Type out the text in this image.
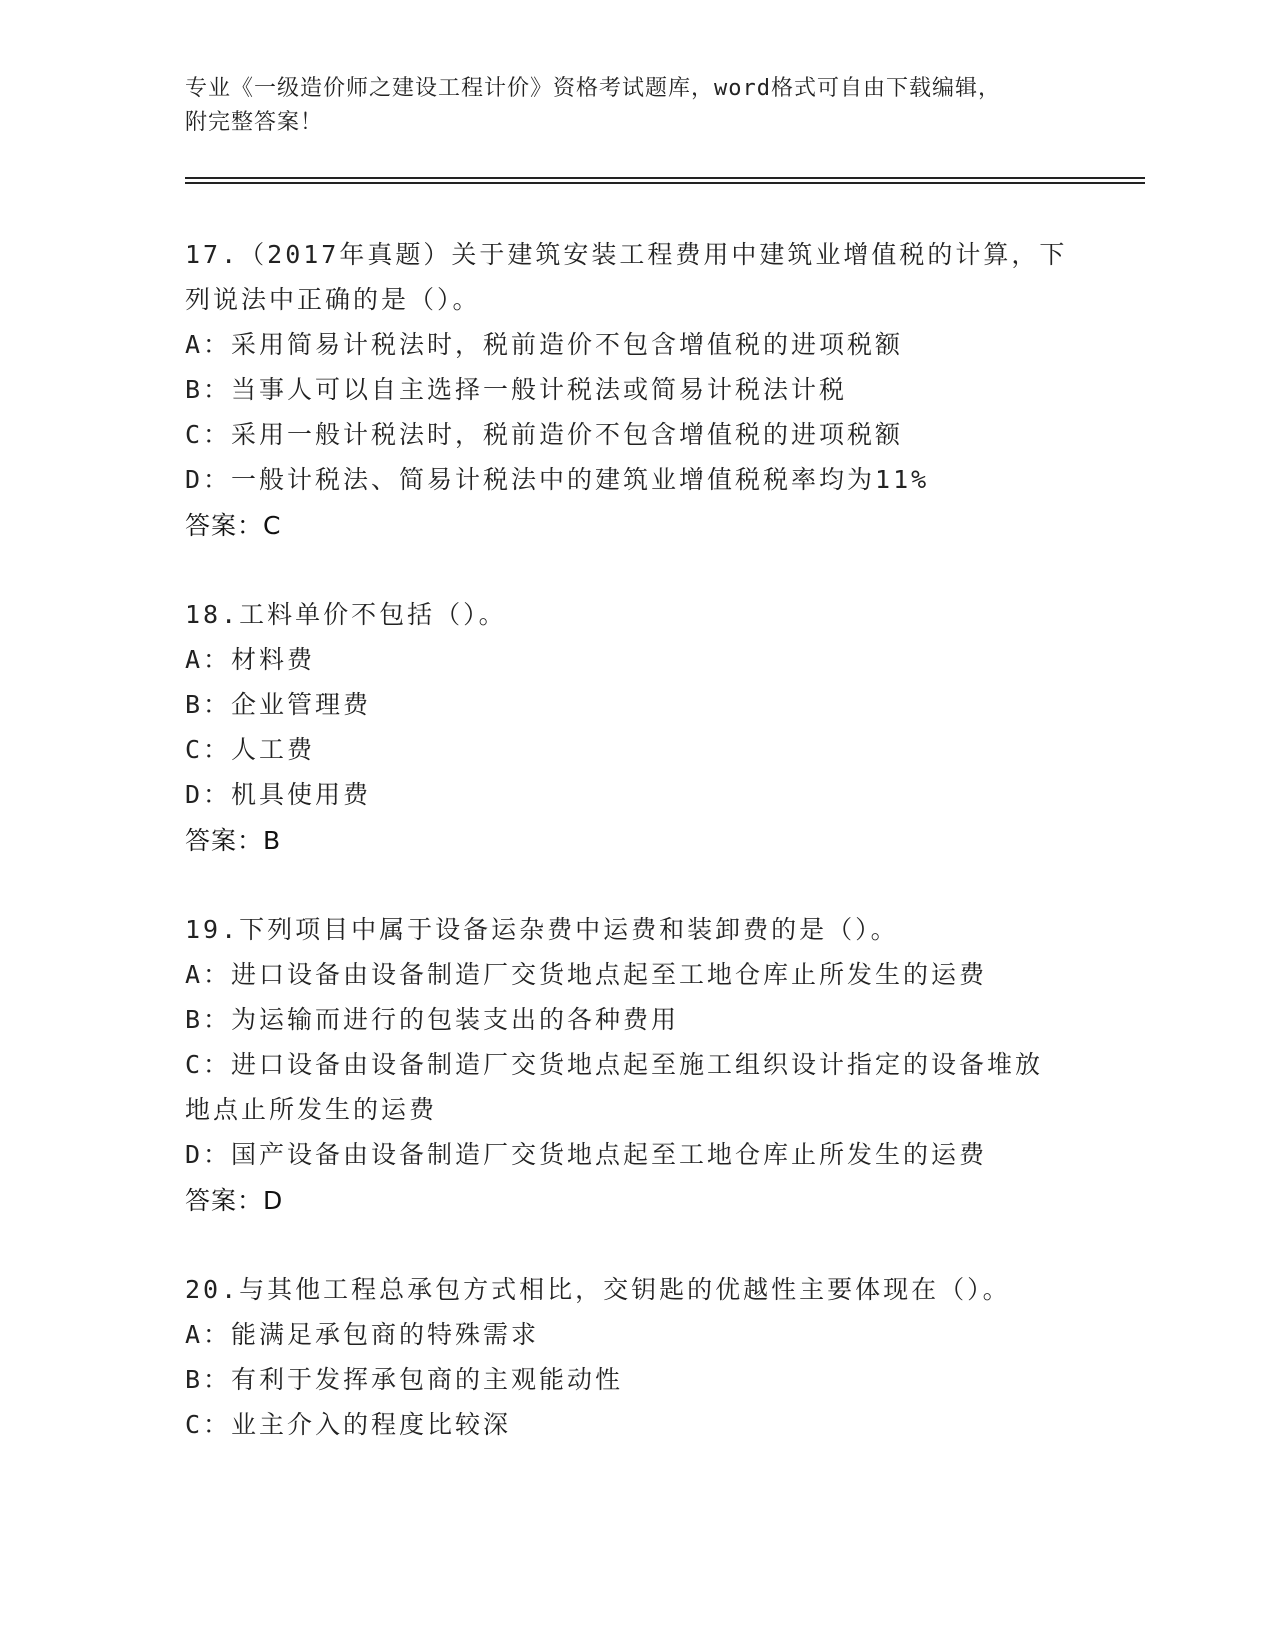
专业《一级造价师之建设工程计价》资格考试题库，word格式可自由下载编辑，

附完整答案！

17.（2017年真题）关于建筑安装工程费用中建筑业增值税的计算，下
列说法中正确的是（）。
A：采用简易计税法时，税前造价不包含增值税的进项税额
B：当事人可以自主选择一般计税法或简易计税法计税
C：采用一般计税法时，税前造价不包含增值税的进项税额
D：一般计税法、简易计税法中的建筑业增值税税率均为11%
答案：C
18.工料单价不包括（）。
A：材料费
B：企业管理费
C：人工费
D：机具使用费
答案：B
19.下列项目中属于设备运杂费中运费和装卸费的是（）。
A：进口设备由设备制造厂交货地点起至工地仓库止所发生的运费
B：为运输而进行的包装支出的各种费用
C：进口设备由设备制造厂交货地点起至施工组织设计指定的设备堆放
地点止所发生的运费
D：国产设备由设备制造厂交货地点起至工地仓库止所发生的运费
答案：D
20.与其他工程总承包方式相比，交钥匙的优越性主要体现在（）。
A：能满足承包商的特殊需求
B：有利于发挥承包商的主观能动性
C：业主介入的程度比较深
